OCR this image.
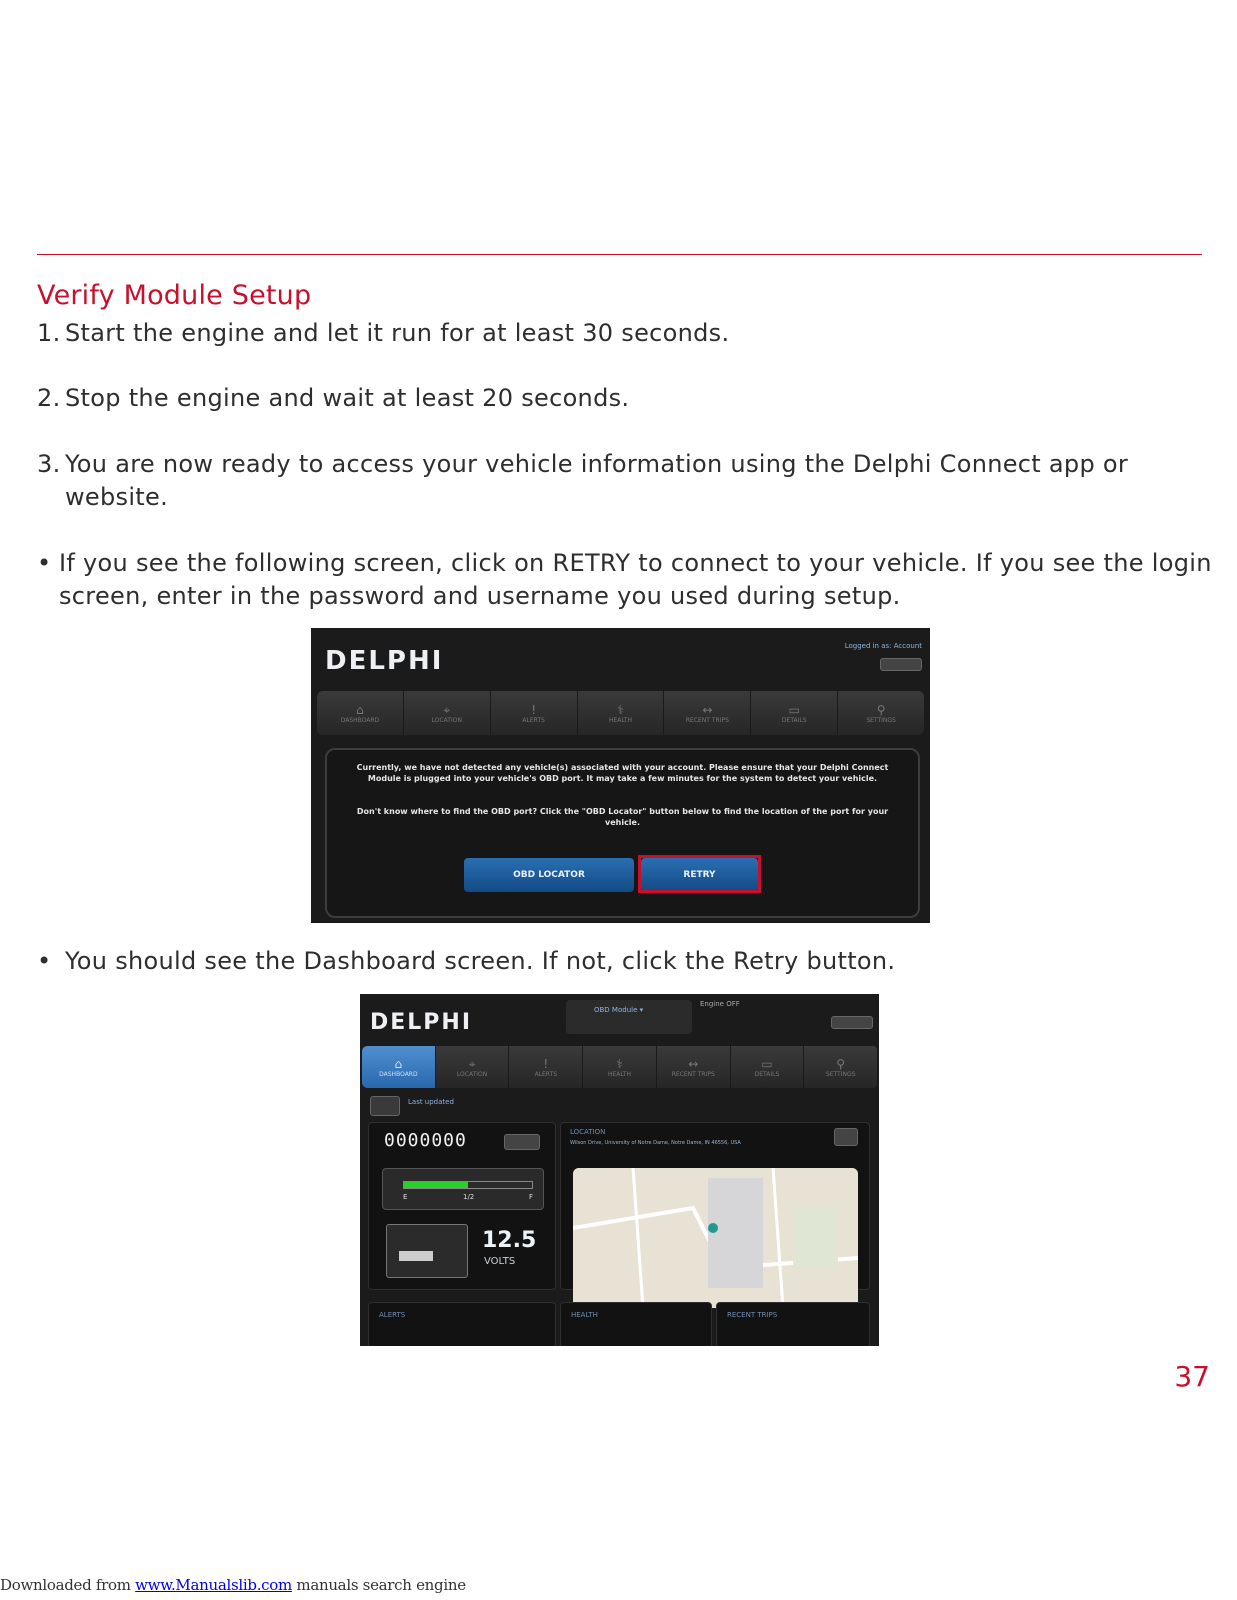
Verify Module Setup
1. Start the engine and let it run for at least 30 seconds.
2. Stop the engine and wait at least 20 seconds.
3. You are now ready to access your vehicle information using the Delphi Connect app or
website.
• If you see the following screen, click on RETRY to connect to your vehicle. If you see the login
screen, enter in the password and username you used during setup.
DELPHI	Logged in as: Account
⌂
DASHBOARD
⌖
LOCATION
!
ALERTS
⚕
HEALTH
↔
RECENT TRIPS
▭
DETAILS
⚲
SETTINGS
Currently, we have not detected any vehicle(s) associated with your account. Please ensure that your Delphi Connect Module is plugged into your vehicle's OBD port. It may take a few minutes for the system to detect your vehicle.
Don't know where to find the OBD port? Click the "OBD Locator" button below to find the location of the port for your vehicle.
OBD LOCATOR	RETRY
• You should see the Dashboard screen. If not, click the Retry button.
DELPHI	OBD Module ▾
Engine OFF
⌂
DASHBOARD
⌖
LOCATION
!
ALERTS
⚕
HEALTH
↔
RECENT TRIPS
▭
DETAILS
⚲
SETTINGS
Last updated
0000000
E	1/2	F
12.5
VOLTS
LOCATION
Wilson Drive, University of Notre Dame, Notre Dame, IN 46556, USA
ALERTS	HEALTH	RECENT TRIPS
37
Downloaded from www.Manualslib.com manuals search engine
